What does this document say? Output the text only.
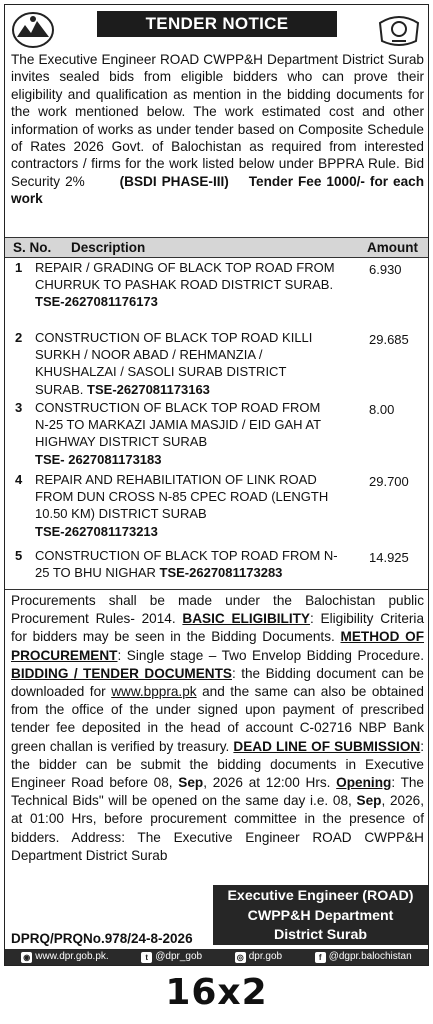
TENDER NOTICE
The Executive Engineer ROAD CWPP&H Department District Surab invites sealed bids from eligible bidders who can prove their eligibility and qualification as mention in the bidding documents for the work mentioned below. The work estimated cost and other information of works as under tender based on Composite Schedule of Rates 2026 Govt. of Balochistan as required from interested contractors / firms for the work listed below under BPPRA Rule. Bid Security 2%	(BSDI PHASE-III) Tender Fee 1000/- for each work
S. No. Description	Amount
1 REPAIR / GRADING OF BLACK TOP ROAD FROM CHURRUK TO PASHAK ROAD DISTRICT SURAB. TSE-2627081176173
6.930
2 CONSTRUCTION OF BLACK TOP ROAD KILLI SURKH / NOOR ABAD / REHMANZIA / KHUSHALZAI / SASOLI SURAB DISTRICT SURAB. TSE-2627081173163
29.685
3 CONSTRUCTION OF BLACK TOP ROAD FROM N-25 TO MARKAZI JAMIA MASJID / EID GAH AT HIGHWAY DISTRICT SURAB
TSE- 2627081173183
8.00
4 REPAIR AND REHABILITATION OF LINK ROAD FROM DUN CROSS N-85 CPEC ROAD (LENGTH 10.50 KM) DISTRICT SURAB
TSE-2627081173213
29.700
5 CONSTRUCTION OF BLACK TOP ROAD FROM N-25 TO BHU NIGHAR TSE-2627081173283
14.925
Procurements shall be made under the Balochistan public Procurement Rules- 2014. BASIC ELIGIBILITY: Eligibility Criteria for bidders may be seen in the Bidding Documents. METHOD OF PROCUREMENT: Single stage – Two Envelop Bidding Procedure. BIDDING / TENDER DOCUMENTS: the Bidding document can be downloaded for www.bppra.pk and the same can also be obtained from the office of the under signed upon payment of prescribed tender fee deposited in the head of account C-02716 NBP Bank green challan is verified by treasury. DEAD LINE OF SUBMISSION: the bidder can be submit the bidding documents in Executive Engineer Road before 08, Sep, 2026 at 12:00 Hrs. Opening: The Technical Bids" will be opened on the same day i.e. 08, Sep, 2026, at 01:00 Hrs, before procurement committee in the presence of bidders. Address: The Executive Engineer ROAD CWPP&H Department District Surab
DPRQ/PRQNo.978/24-8-2026
Executive Engineer (ROAD)
CWPP&H Department
District Surab
◉ www.dpr.gob.pk.	t @dpr_gob	◎ dpr.gob	f @dgpr.balochistan
16x2
